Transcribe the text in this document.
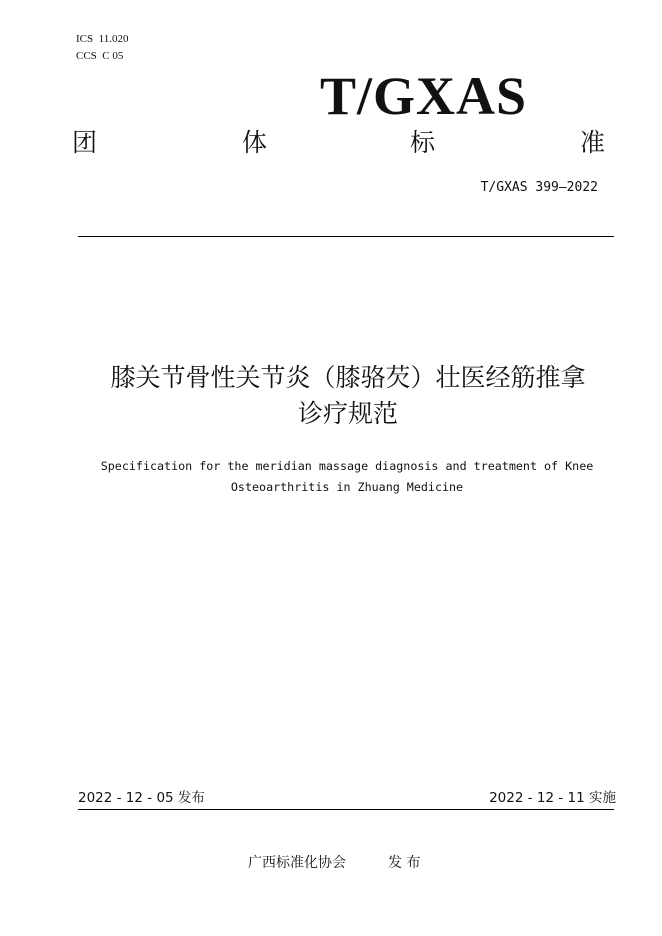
ICS  11.020
CCS  C 05
T/GXAS
团	体	标	准
T/GXAS 399—2022
膝关节骨性关节炎（膝骆芡）壮医经筋推拿
诊疗规范
Specification for the meridian massage diagnosis and treatment of Knee
Osteoarthritis in Zhuang Medicine
2022 - 12 - 05 发布	2022 - 12 - 11 实施
广西标准化协会	发 布
